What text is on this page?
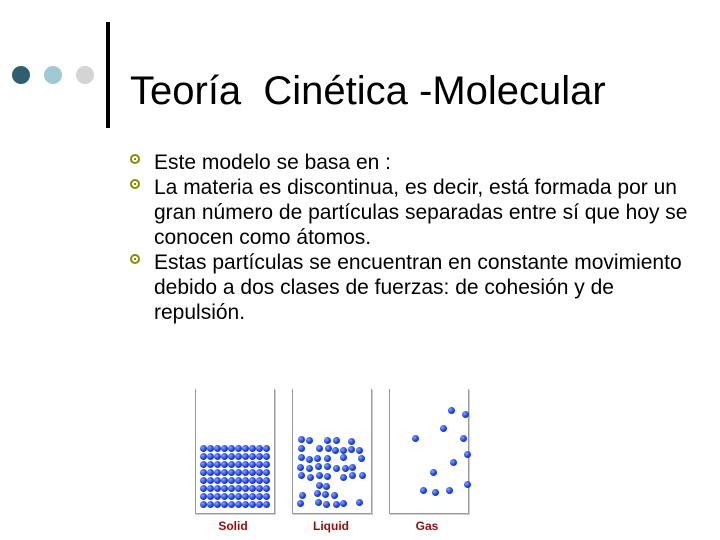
Teoría  Cinética -Molecular
Este modelo se basa en :
La materia es discontinua, es decir, está formada por un gran número de partículas separadas entre sí que hoy se conocen como átomos.
Estas partículas se encuentran en constante movimiento debido a dos clases de fuerzas: de cohesión y de repulsión.
Solid	Liquid	Gas
